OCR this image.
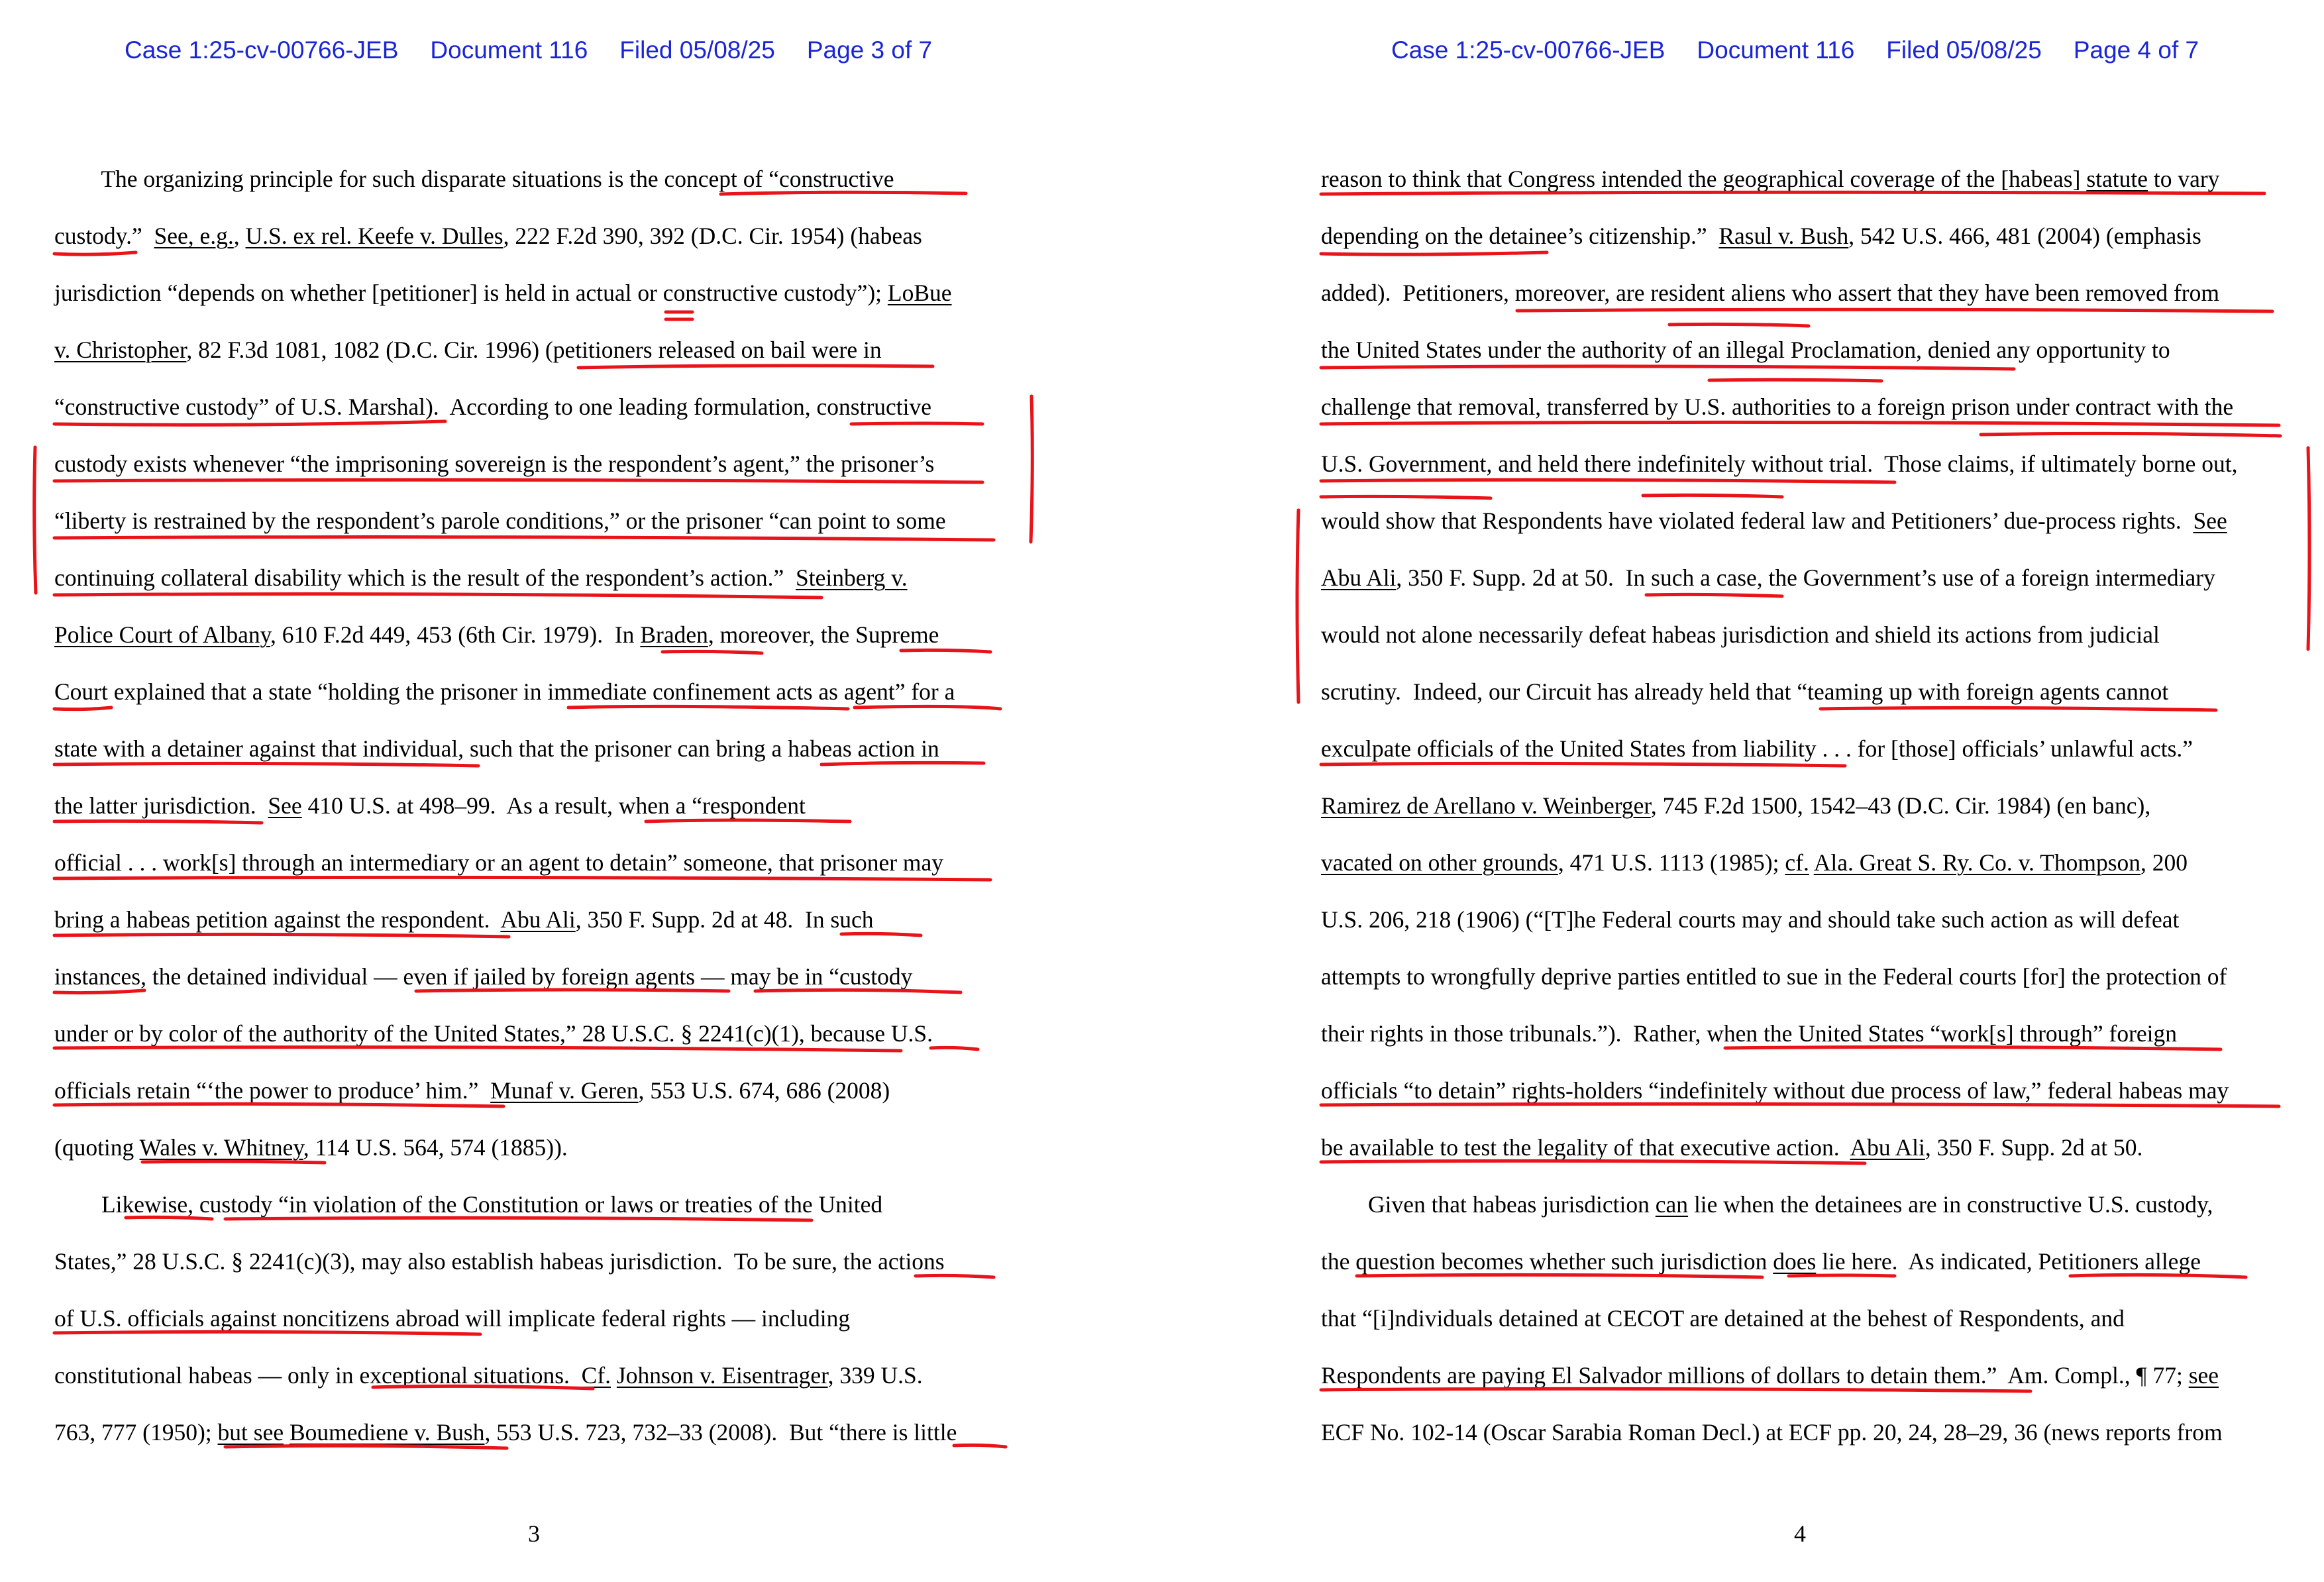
Case 1:25-cv-00766-JEB Document 116 Filed 05/08/25 Page 3 of 7
The organizing principle for such disparate situations is the concept of “constructive
custody.”  See, e.g., U.S. ex rel. Keefe v. Dulles, 222 F.2d 390, 392 (D.C. Cir. 1954) (habeas
jurisdiction “depends on whether [petitioner] is held in actual or constructive custody”); LoBue
v. Christopher, 82 F.3d 1081, 1082 (D.C. Cir. 1996) (petitioners released on bail were in
“constructive custody” of U.S. Marshal).  According to one leading formulation, constructive
custody exists whenever “the imprisoning sovereign is the respondent’s agent,” the prisoner’s
“liberty is restrained by the respondent’s parole conditions,” or the prisoner “can point to some
continuing collateral disability which is the result of the respondent’s action.”  Steinberg v.
Police Court of Albany, 610 F.2d 449, 453 (6th Cir. 1979).  In Braden, moreover, the Supreme
Court explained that a state “holding the prisoner in immediate confinement acts as agent” for a
state with a detainer against that individual, such that the prisoner can bring a habeas action in
the latter jurisdiction.  See 410 U.S. at 498–99.  As a result, when a “respondent
official . . . work[s] through an intermediary or an agent to detain” someone, that prisoner may
bring a habeas petition against the respondent.  Abu Ali, 350 F. Supp. 2d at 48.  In such
instances, the detained individual — even if jailed by foreign agents — may be in “custody
under or by color of the authority of the United States,” 28 U.S.C. § 2241(c)(1), because U.S.
officials retain “‘the power to produce’ him.”  Munaf v. Geren, 553 U.S. 674, 686 (2008)
(quoting Wales v. Whitney, 114 U.S. 564, 574 (1885)).
Likewise, custody “in violation of the Constitution or laws or treaties of the United
States,” 28 U.S.C. § 2241(c)(3), may also establish habeas jurisdiction.  To be sure, the actions
of U.S. officials against noncitizens abroad will implicate federal rights — including
constitutional habeas — only in exceptional situations.  Cf. Johnson v. Eisentrager, 339 U.S.
763, 777 (1950); but see Boumediene v. Bush, 553 U.S. 723, 732–33 (2008).  But “there is little
3
Case 1:25-cv-00766-JEB Document 116 Filed 05/08/25 Page 4 of 7
reason to think that Congress intended the geographical coverage of the [habeas] statute to vary
depending on the detainee’s citizenship.”  Rasul v. Bush, 542 U.S. 466, 481 (2004) (emphasis
added).  Petitioners, moreover, are resident aliens who assert that they have been removed from
the United States under the authority of an illegal Proclamation, denied any opportunity to
challenge that removal, transferred by U.S. authorities to a foreign prison under contract with the
U.S. Government, and held there indefinitely without trial.  Those claims, if ultimately borne out,
would show that Respondents have violated federal law and Petitioners’ due-process rights.  See
Abu Ali, 350 F. Supp. 2d at 50.  In such a case, the Government’s use of a foreign intermediary
would not alone necessarily defeat habeas jurisdiction and shield its actions from judicial
scrutiny.  Indeed, our Circuit has already held that “teaming up with foreign agents cannot
exculpate officials of the United States from liability . . . for [those] officials’ unlawful acts.”
Ramirez de Arellano v. Weinberger, 745 F.2d 1500, 1542–43 (D.C. Cir. 1984) (en banc),
vacated on other grounds, 471 U.S. 1113 (1985); cf. Ala. Great S. Ry. Co. v. Thompson, 200
U.S. 206, 218 (1906) (“[T]he Federal courts may and should take such action as will defeat
attempts to wrongfully deprive parties entitled to sue in the Federal courts [for] the protection of
their rights in those tribunals.”).  Rather, when the United States “work[s] through” foreign
officials “to detain” rights-holders “indefinitely without due process of law,” federal habeas may
be available to test the legality of that executive action.  Abu Ali, 350 F. Supp. 2d at 50.
Given that habeas jurisdiction can lie when the detainees are in constructive U.S. custody,
the question becomes whether such jurisdiction does lie here.  As indicated, Petitioners allege
that “[i]ndividuals detained at CECOT are detained at the behest of Respondents, and
Respondents are paying El Salvador millions of dollars to detain them.”  Am. Compl., ¶ 77; see
ECF No. 102-14 (Oscar Sarabia Roman Decl.) at ECF pp. 20, 24, 28–29, 36 (news reports from
4
